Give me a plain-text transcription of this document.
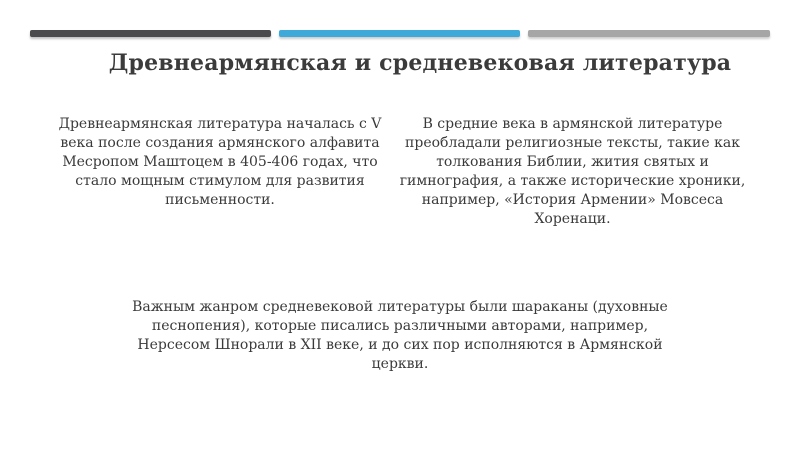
Древнеармянская и средневековая литература
Древнеармянская литература началась с V века после создания армянского алфавита Месропом Маштоцем в 405-406 годах, что стало мощным стимулом для развития письменности.
В средние века в армянской литературе преобладали религиозные тексты, такие как толкования Библии, жития святых и гимнография, а также исторические хроники, например, «История Армении» Мовсеса Хоренаци.
Важным жанром средневековой литературы были шараканы (духовные песнопения), которые писались различными авторами, например, Нерсесом Шнорали в XII веке, и до сих пор исполняются в Армянской церкви.
